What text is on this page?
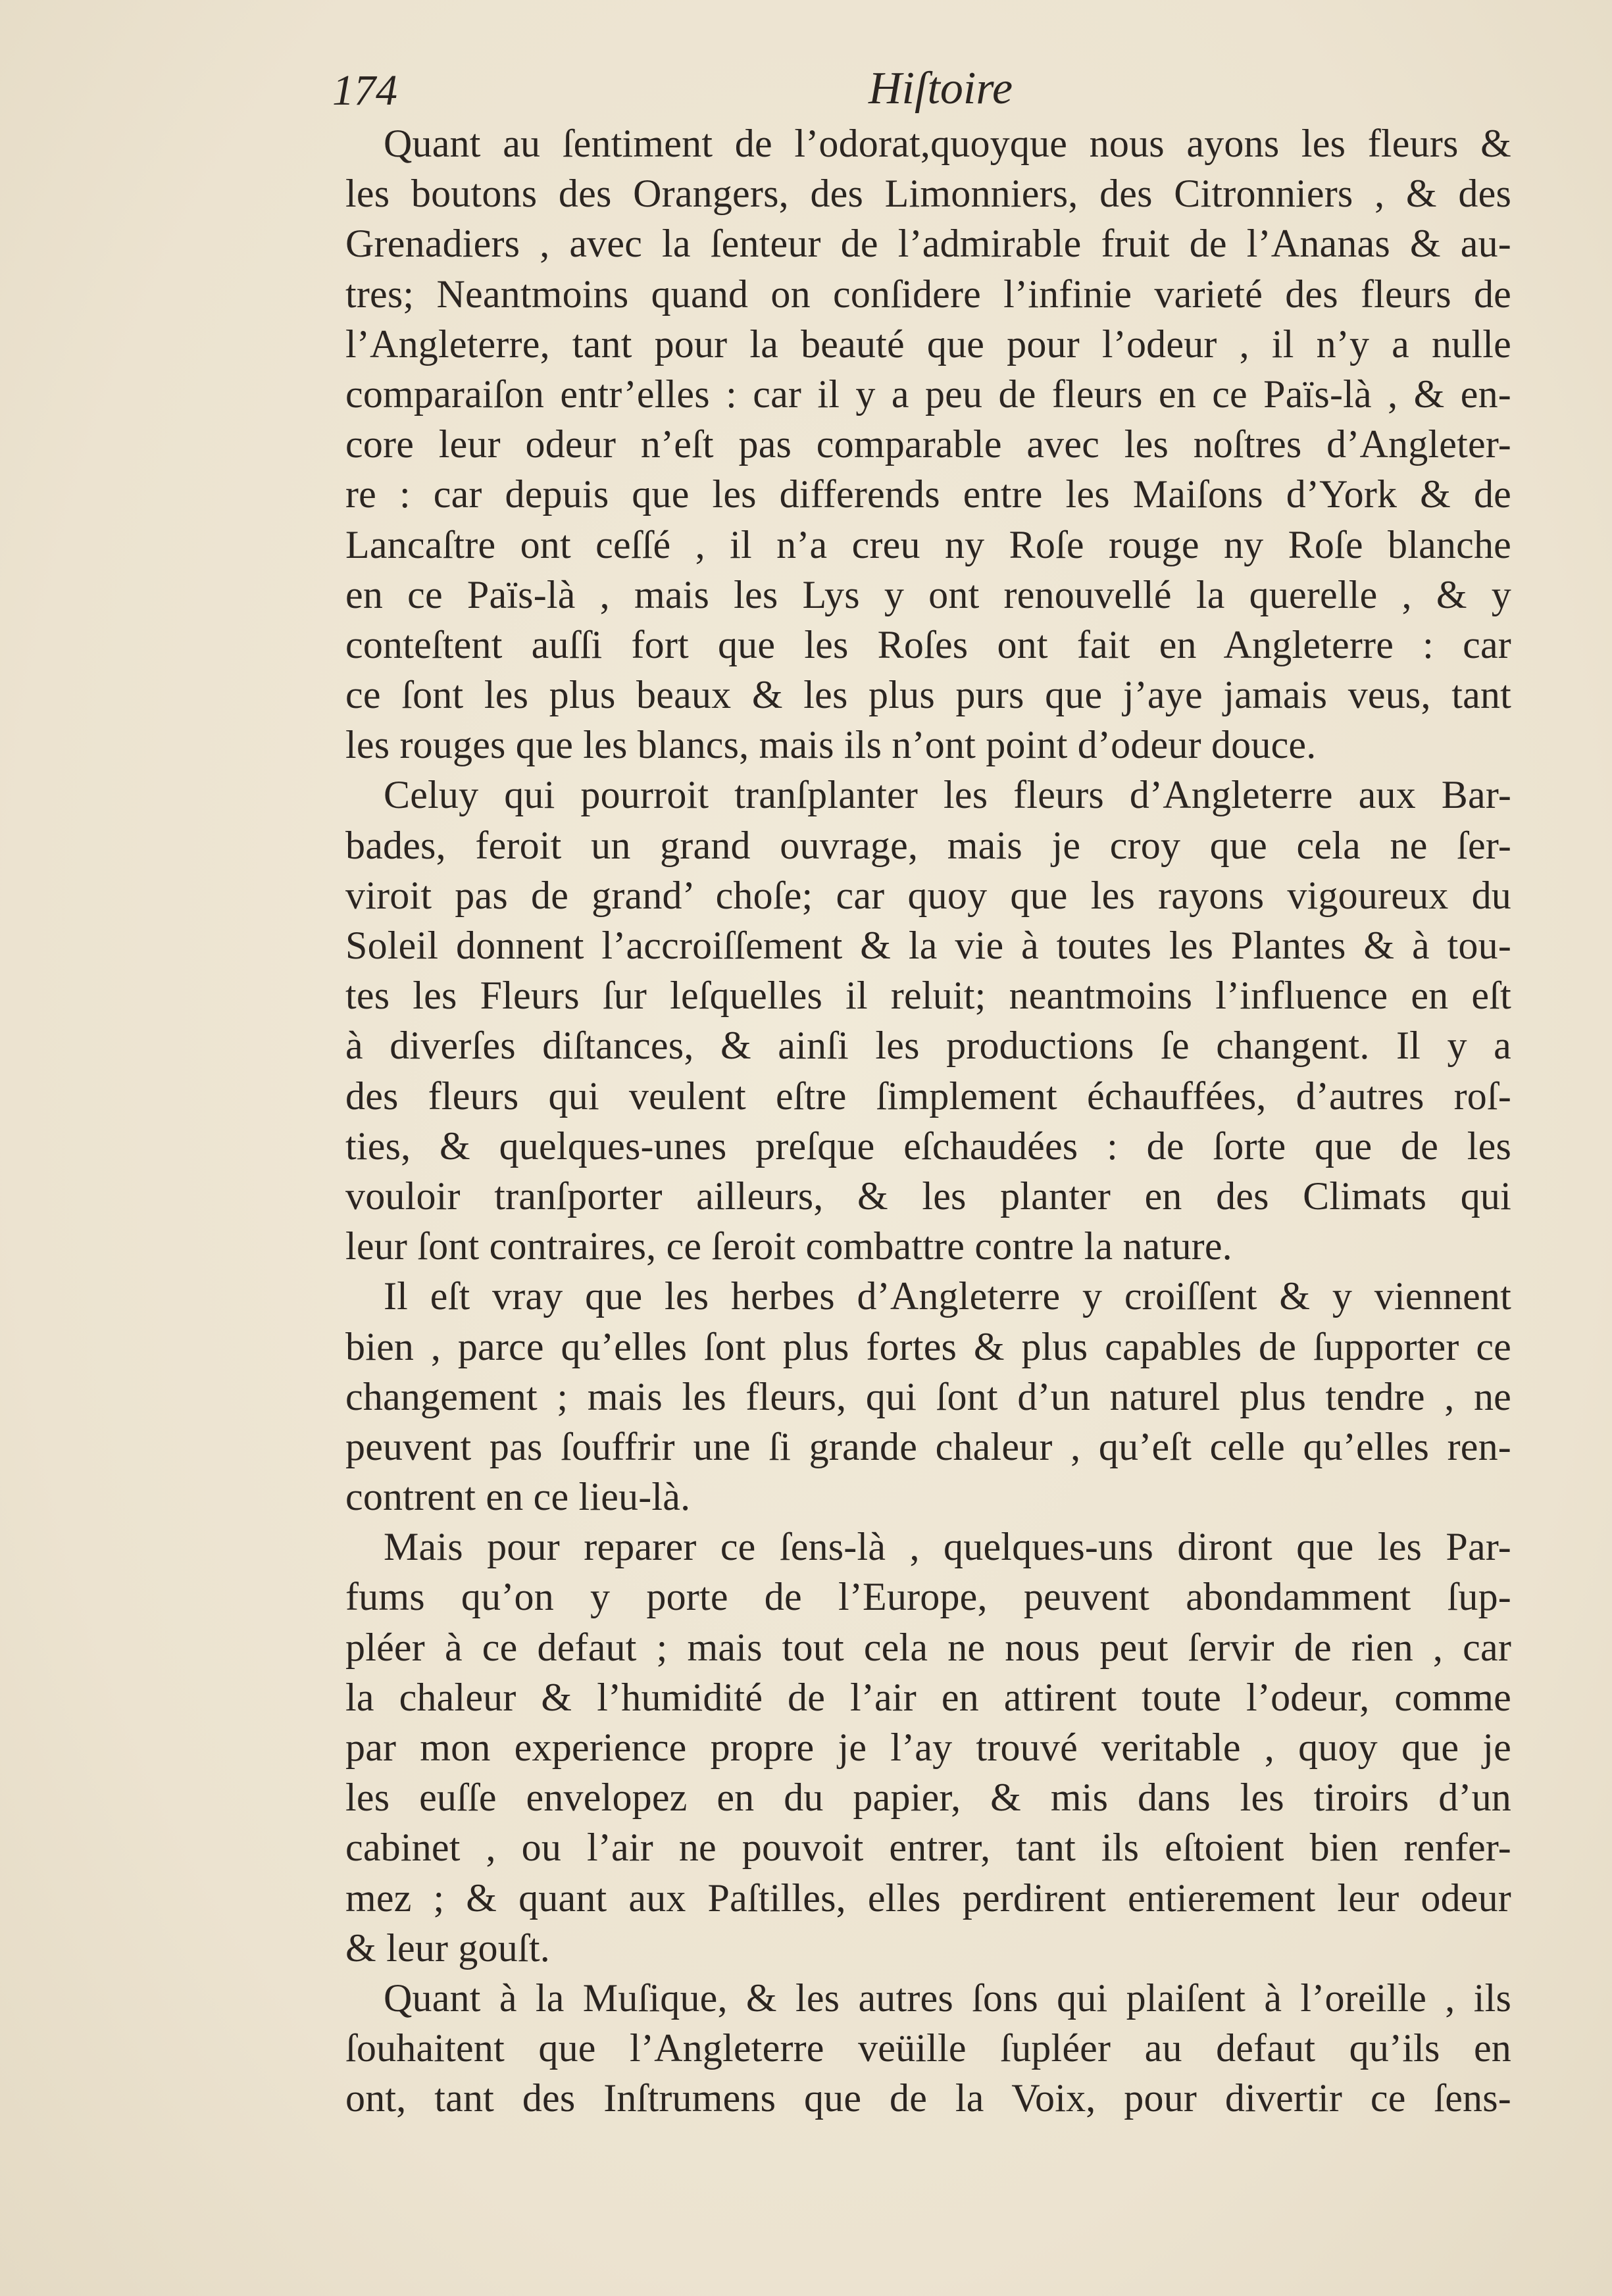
174	Hiſtoire
Quant au ſentiment de l’odorat,quoyque nous ayons les fleurs &
les boutons des Orangers, des Limonniers, des Citronniers , & des
Grenadiers , avec la ſenteur de l’admirable fruit de l’Ananas & au-
tres; Neantmoins quand on conſidere l’infinie varieté des fleurs de
l’Angleterre, tant pour la beauté que pour l’odeur , il n’y a nulle
comparaiſon entr’elles : car il y a peu de fleurs en ce Païs-là , & en-
core leur odeur n’eſt pas comparable avec les noſtres d’Angleter-
re : car depuis que les differends entre les Maiſons d’York & de
Lancaſtre ont ceſſé , il n’a creu ny Roſe rouge ny Roſe blanche
en ce Païs-là , mais les Lys y ont renouvellé la querelle , & y
conteſtent auſſi fort que les Roſes ont fait en Angleterre : car
ce ſont les plus beaux & les plus purs que j’aye jamais veus, tant
les rouges que les blancs, mais ils n’ont point d’odeur douce.
Celuy qui pourroit tranſplanter les fleurs d’Angleterre aux Bar-
bades, feroit un grand ouvrage, mais je croy que cela ne ſer-
viroit pas de grand’ choſe; car quoy que les rayons vigoureux du
Soleil donnent l’accroiſſement & la vie à toutes les Plantes & à tou-
tes les Fleurs ſur leſquelles il reluit; neantmoins l’influence en eſt
à diverſes diſtances, & ainſi les productions ſe changent. Il y a
des fleurs qui veulent eſtre ſimplement échauffées, d’autres roſ-
ties, & quelques-unes preſque eſchaudées : de ſorte que de les
vouloir tranſporter ailleurs, & les planter en des Climats qui
leur ſont contraires, ce ſeroit combattre contre la nature.
Il eſt vray que les herbes d’Angleterre y croiſſent & y viennent
bien , parce qu’elles ſont plus fortes & plus capables de ſupporter ce
changement ; mais les fleurs, qui ſont d’un naturel plus tendre , ne
peuvent pas ſouffrir une ſi grande chaleur , qu’eſt celle qu’elles ren-
contrent en ce lieu-là.
Mais pour reparer ce ſens-là , quelques-uns diront que les Par-
fums qu’on y porte de l’Europe, peuvent abondamment ſup-
pléer à ce defaut ; mais tout cela ne nous peut ſervir de rien , car
la chaleur & l’humidité de l’air en attirent toute l’odeur, comme
par mon experience propre je l’ay trouvé veritable , quoy que je
les euſſe envelopez en du papier, & mis dans les tiroirs d’un
cabinet , ou l’air ne pouvoit entrer, tant ils eſtoient bien renfer-
mez ; & quant aux Paſtilles, elles perdirent entierement leur odeur
& leur gouſt.
Quant à la Muſique, & les autres ſons qui plaiſent à l’oreille , ils
ſouhaitent que l’Angleterre veüille ſupléer au defaut qu’ils en
ont, tant des Inſtrumens que de la Voix, pour divertir ce ſens-
